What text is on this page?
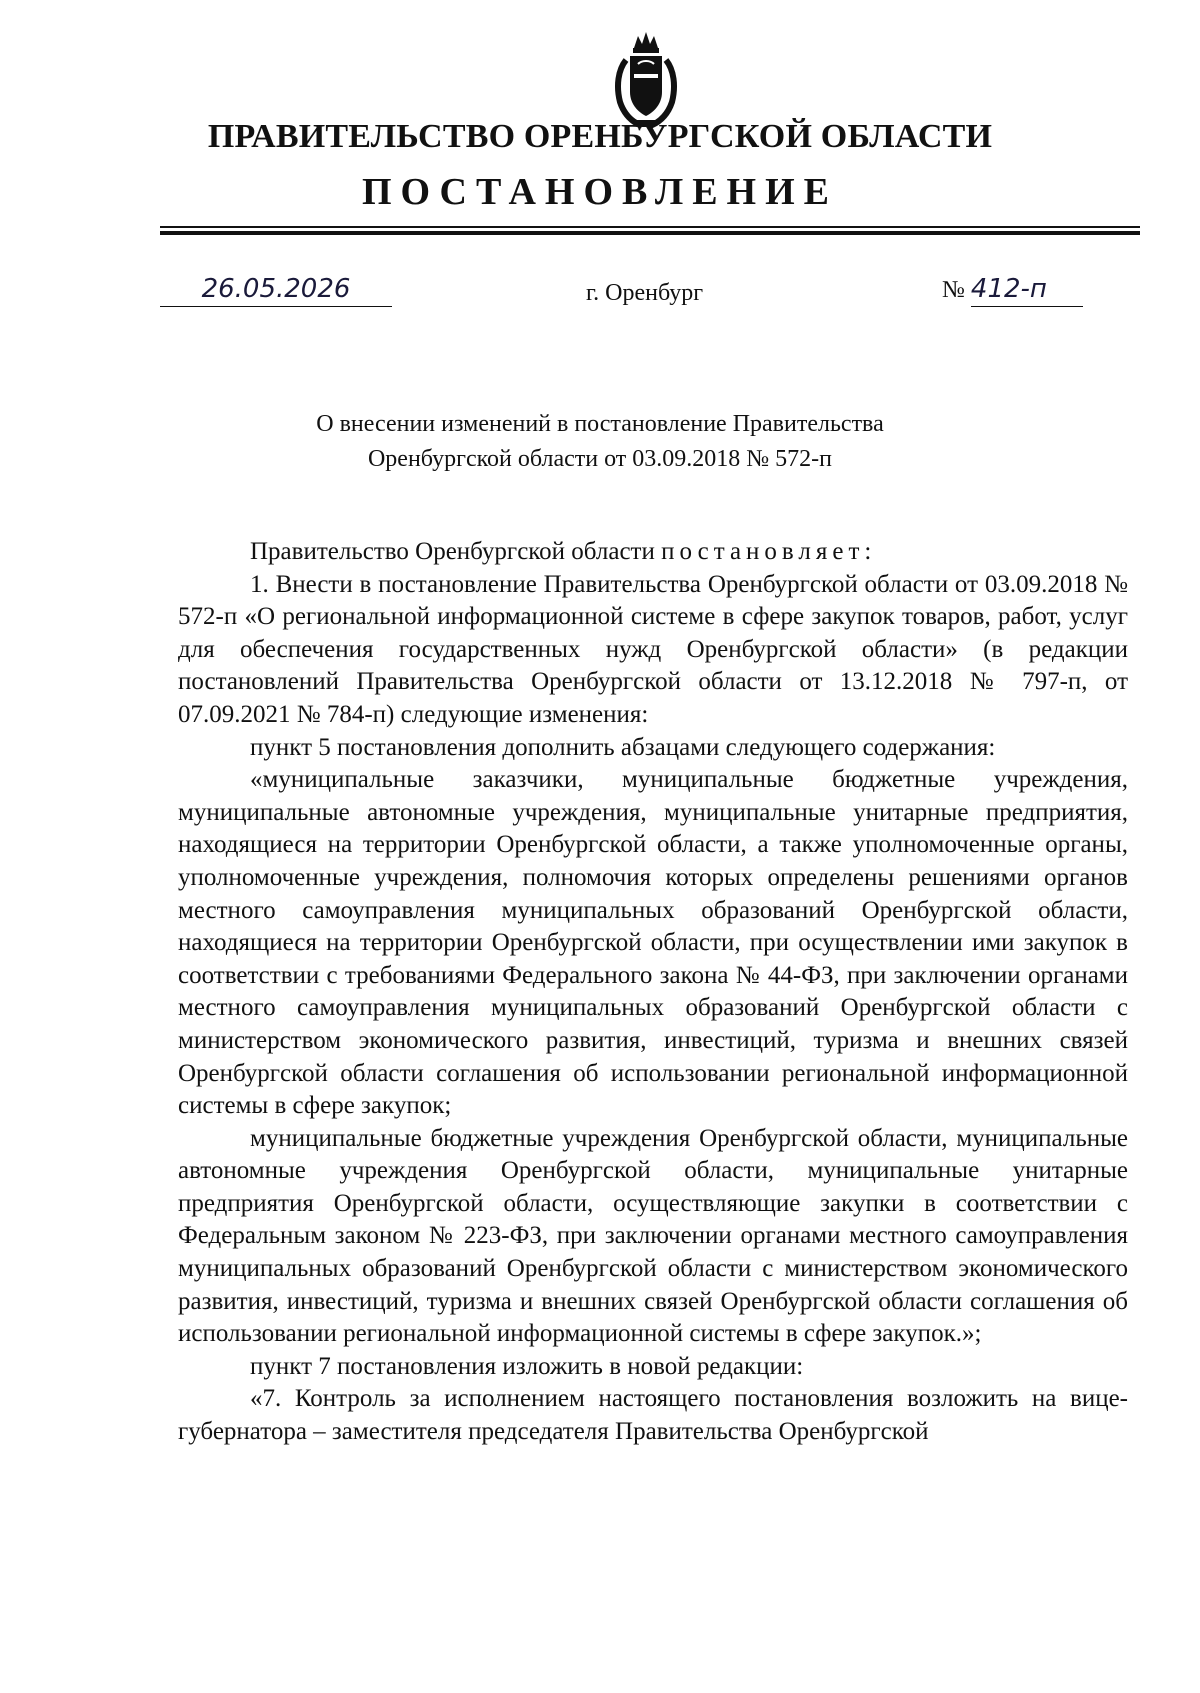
ПРАВИТЕЛЬСТВО ОРЕНБУРГСКОЙ ОБЛАСТИ
ПОСТАНОВЛЕНИЕ
26.05.2026	г. Оренбург	№ 412-п
О внесении изменений в постановление Правительства
Оренбургской области от 03.09.2018 № 572-п

Правительство Оренбургской области постановляет:

1. Внести в постановление Правительства Оренбургской области от 03.09.2018 № 572-п «О региональной информационной системе в сфере закупок товаров, работ, услуг для обеспечения государственных нужд Оренбургской области» (в редакции постановлений Правительства Оренбургской области от 13.12.2018 № 797-п, от 07.09.2021 № 784-п) следующие изменения:

пункт 5 постановления дополнить абзацами следующего содержания:

«муниципальные заказчики, муниципальные бюджетные учреждения, муниципальные автономные учреждения, муниципальные унитарные предприятия, находящиеся на территории Оренбургской области, а также уполномоченные органы, уполномоченные учреждения, полномочия которых определены решениями органов местного самоуправления муниципальных образований Оренбургской области, находящиеся на территории Оренбургской области, при осуществлении ими закупок в соответствии с требованиями Федерального закона № 44-ФЗ, при заключении органами местного самоуправления муниципальных образований Оренбургской области с министерством экономического развития, инвестиций, туризма и внешних связей Оренбургской области соглашения об использовании региональной информационной системы в сфере закупок;

муниципальные бюджетные учреждения Оренбургской области, муниципальные автономные учреждения Оренбургской области, муниципальные унитарные предприятия Оренбургской области, осуществляющие закупки в соответствии с Федеральным законом № 223-ФЗ, при заключении органами местного самоуправления муниципальных образований Оренбургской области с министерством экономического развития, инвестиций, туризма и внешних связей Оренбургской области соглашения об использовании региональной информационной системы в сфере закупок.»;

пункт 7 постановления изложить в новой редакции:

«7. Контроль за исполнением настоящего постановления возложить на вице-губернатора – заместителя председателя Правительства Оренбургской
